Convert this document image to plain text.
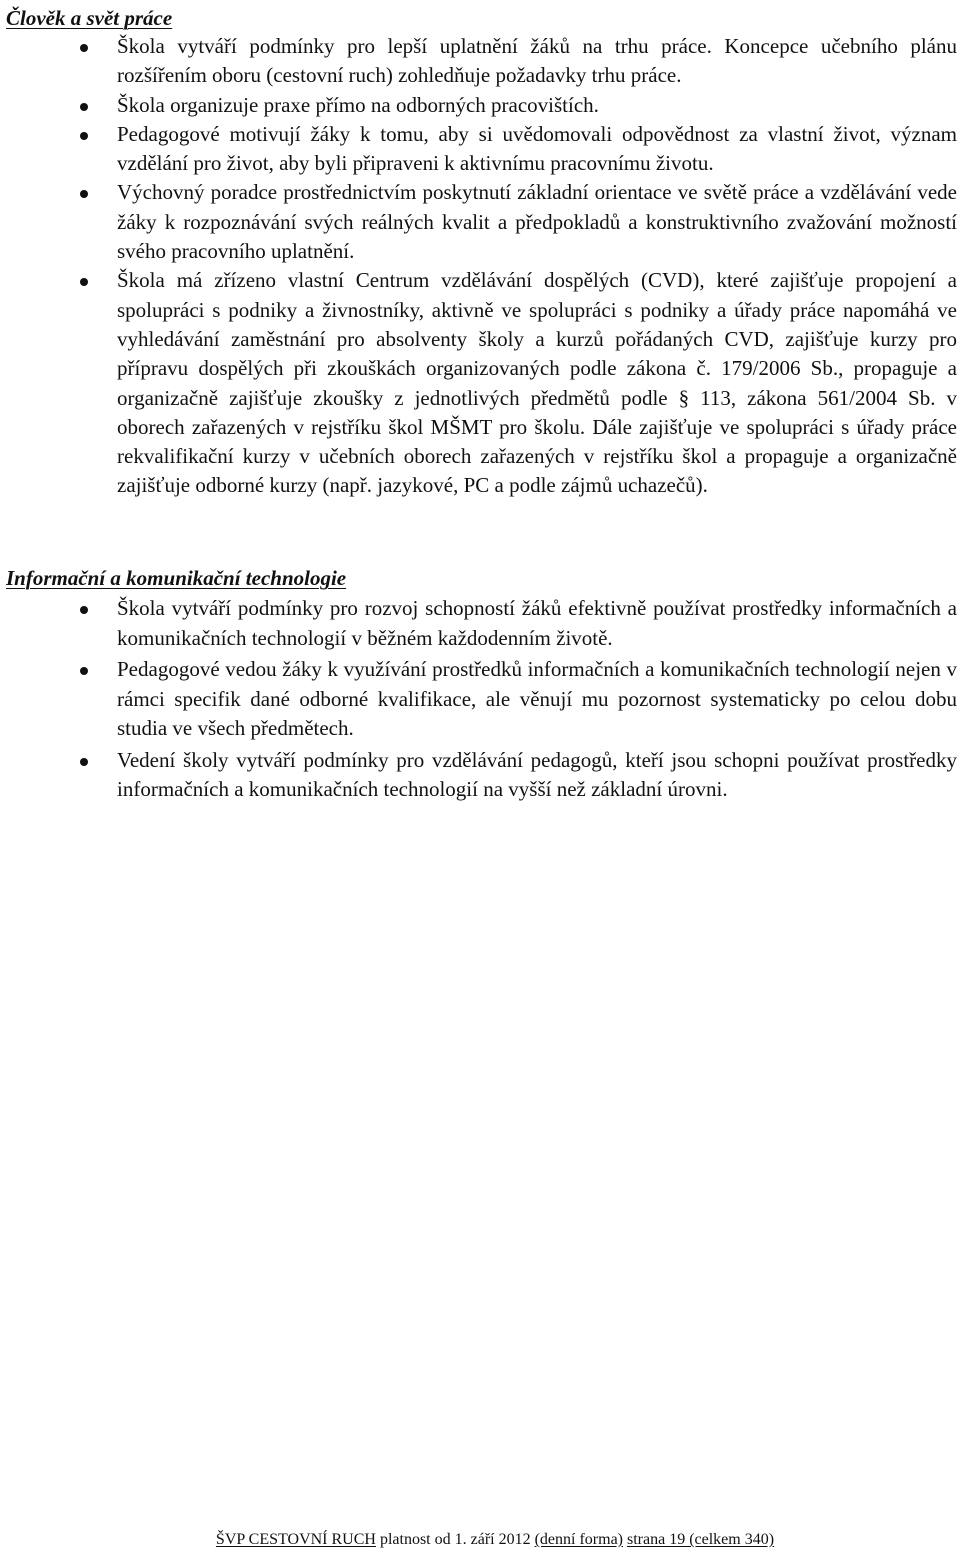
Člověk a svět práce
Škola vytváří podmínky pro lepší uplatnění žáků na trhu práce. Koncepce učebního plánu rozšířením oboru (cestovní ruch) zohledňuje požadavky trhu práce.
Škola organizuje praxe přímo na odborných pracovištích.
Pedagogové motivují žáky k tomu, aby si uvědomovali odpovědnost za vlastní život, význam vzdělání pro život, aby byli připraveni k aktivnímu pracovnímu životu.
Výchovný poradce prostřednictvím poskytnutí základní orientace ve světě práce a vzdělávání vede žáky k rozpoznávání svých reálných kvalit a předpokladů a konstruktivního zvažování možností svého pracovního uplatnění.
Škola má zřízeno vlastní Centrum vzdělávání dospělých (CVD), které zajišťuje propojení a spolupráci s podniky a živnostníky, aktivně ve spolupráci s podniky a úřady práce napomáhá ve vyhledávání zaměstnání pro absolventy školy a kurzů pořádaných CVD, zajišťuje kurzy pro přípravu dospělých při zkouškách organizovaných podle zákona č. 179/2006 Sb., propaguje a organizačně zajišťuje zkoušky z jednotlivých předmětů podle § 113, zákona 561/2004 Sb. v oborech zařazených v rejstříku škol MŠMT pro školu. Dále zajišťuje ve spolupráci s úřady práce rekvalifikační kurzy v učebních oborech zařazených v rejstříku škol a propaguje a organizačně zajišťuje odborné kurzy (např. jazykové, PC a podle zájmů uchazečů).
Informační a komunikační technologie
Škola vytváří podmínky pro rozvoj schopností žáků efektivně používat prostředky informačních a komunikačních technologií v běžném každodenním životě.
Pedagogové vedou žáky k využívání prostředků informačních a komunikačních technologií nejen v rámci specifik dané odborné kvalifikace, ale věnují mu pozornost systematicky po celou dobu studia ve všech předmětech.
Vedení školy vytváří podmínky pro vzdělávání pedagogů, kteří jsou schopni používat prostředky informačních a komunikačních technologií na vyšší než základní úrovni.
ŠVP CESTOVNÍ RUCH platnost od 1. září 2012 (denní forma) strana 19 (celkem 340)
